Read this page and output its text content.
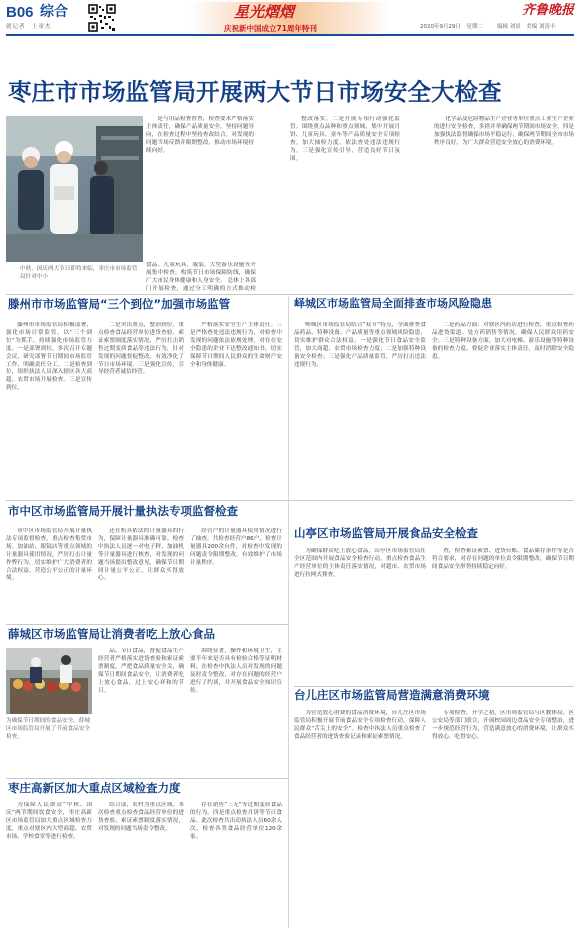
B06 综合
就记者　上童杰
星光熠熠
庆祝新中国成立71周年特刊
齐鲁晚报
2020年9月29日　星期二	编辑 刘景　美编 刘涛丰
枣庄市市场监管局开展两大节日市场安全大检查
中秋、国庆两大节日即将来临，枣庄市市场监管局针对中小
食品、儿童玩具、服装、大型游乐设施等开展集中检查。构筑节日市场保障防线，确保广大市民身体健康和人身安全。 总体上各部门开展检查，通过分工明确的方式推动检

是与用品检查督查，检查要求严格落实主体责任，确保产品质量安全，坚持问题导向，在检查过程中坚持查改结合，对发现的问题当场反馈并限期整改，推动市场环境持续向好。

整改落实。二是开展专项行动强化监管。围绕重点品种和重点领域，集中开展月饼、儿童玩具、童车等产品质量安全专项检查，加大抽检力度，依法查处违法违规行为。三是强化宣传引导，营造良好节日氛围。

化学品及危险物品生产企业等单位重点工业生产企业的进行安全检查，多措并举确保两节期间市场安全。四是加强执法监督确保市场平稳运行，确保两节期间全市市场秩序良好，为广大群众营造安全放心的消费环境。

滕州市市场监管局“三个到位”加强市场监管

滕州市市场监管局积极部署，强化市场日常监管，以“三个到位”为抓手，持续强化市场监管力度。一是部署到位，多次召开专题会议，研究部署节日期间市场监管工作，明确责任分工。二是检查到位，组织执法人员深入辖区各大商超、农贸市场开展检查。三是宣传到位。

二是突出重点，整治到位。重点检查食品经营单位进货查验、索证索票制度落实情况，严厉打击销售过期变质食品等违法行为，针对发现的问题督促整改，有效净化了节日市场环境。三是强化宣传，引导经营者诚信经营。

严格落实安全生产主体责任。三是严格查处违法违规行为，对检查中发现的问题依法依规处理，对存在安全隐患的企业下达整改通知书，切实保障节日期间人民群众的生命财产安全和身体健康。

峄城区市场监管局全面排查市场风险隐患

峄城区市场监管局结合“双节”特点，全面排查食品药品、特种设备、产品质量等重点领域风险隐患，切实维护群众合法权益。一是强化节日食品安全监管，加大商超、农贸市场检查力度；二是加强特种设备安全检查；三是强化产品质量监管，严厉打击违法违规行为。

二是药品方面：对辖区内药店进行检查，重点检查药品进货渠道、处方药销售等情况，确保人民群众用药安全。三是特种设备方面，加大对电梯、游乐设施等特种设备的检查力度，督促企业落实主体责任，及时消除安全隐患。

市中区市场监管局开展计量执法专项监督检查

市中区市场监管局开展计量执法专项监督检查，重点检查集贸市场、加油站、眼镜店等重点领域的计量器具使用情况，严厉打击计量作弊行为，切实维护广大消费者的合法权益，营造公平公正的计量环境。

还在机具依法的计量器具的行为，保障计量器具准确可靠。检查中执法人员逐一对电子秤、加油机等计量器具进行核查，对发现的问题当场提出整改意见，确保节日期间计量公平公正，让群众买得放心。

经营户的计量器具使用情况进行了抽查，共检查经营户86户，检查计量器具200余台件，对检查中发现的问题责令限期整改，有效维护了市场计量秩序。

山亭区市场监管局开展食品安全检查

为确保群众吃上放心食品，山亭区市场监管局在全区范围内开展食品安全检查行动，重点检查食品生产经营单位的主体责任落实情况，对超市、农贸市场进行拉网式排查。

查，检查索证索票、进货台账、食品储存条件等是否符合要求，对存在问题的单位责令限期整改，确保节日期间食品安全形势持续稳定向好。

薛城区市场监管局让消费者吃上放心食品
为确保节日期间的食品安全，薛城区市场监管局开展了节前食品安全检查。

品、节日食品，督促食品生产经营者严格落实进货查验和索证索票制度，严把食品质量安全关，确保节日期间食品安全，让消费者吃上放心食品，过上安心祥和的节日。

围绕显著，操作和环境卫生，主要半年来是否具有检验合格等证明材料。在检查中执法人员对发现的问题及时责令整改，对存在问题的经营户进行了约谈，并开展食品安全知识宣传。	台儿庄区市场监管局营造满意消费环境

为营造放心消费的食品消费环境，台儿庄区市场监管局积极开展节前食品安全专项检查行动，保障人民群众“舌尖上的安全”。检查中执法人员重点检查了食品经营者的进货查验记录和索证索票情况。

专项检查，开学之初，区市场监管局与区教体局、区公安局等部门联合，开展校园周边食品安全专项整治，进一步规范经营行为，营造满意放心的消费环境，让群众买得放心、吃得安心。

枣庄高新区加大重点区域检查力度

为保障人民群众“中秋、国庆”两节期间饮食安全，枣庄高新区市场监管局加大重点区域检查力度，重点对辖区内大型商超、农贸市场、学校食堂等进行检查。

结合部，农村为重点区域。本次检查重点检查食品经营单位的进货查验、索证索票制度落实情况，对发现的问题当场责令整改。

存在销售“三无”等过期变质食品的行为。四是重点检查月饼等节日食品。此次检查共出动执法人员60余人次，检查各类食品经营单位120余家。
